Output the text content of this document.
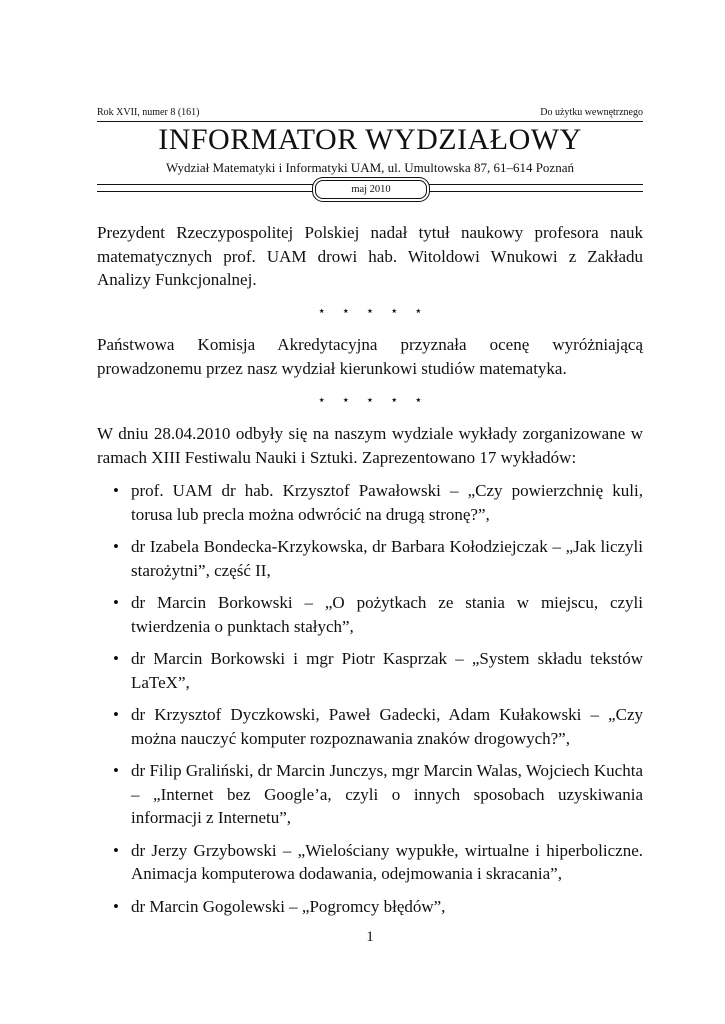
Rok XVII, numer 8 (161)	Do użytku wewnętrznego
INFORMATOR WYDZIAŁOWY
Wydział Matematyki i Informatyki UAM, ul. Umultowska 87, 61–614 Poznań
maj 2010
Prezydent Rzeczypospolitej Polskiej nadał tytuł naukowy profesora nauk matematycznych prof. UAM drowi hab. Witoldowi Wnukowi z Zakładu Analizy Funkcjonalnej.
⋆ ⋆ ⋆ ⋆ ⋆
Państwowa Komisja Akredytacyjna przyznała ocenę wyróżniającą prowadzonemu przez nasz wydział kierunkowi studiów matematyka.
⋆ ⋆ ⋆ ⋆ ⋆
W dniu 28.04.2010 odbyły się na naszym wydziale wykłady zorganizowane w ramach XIII Festiwalu Nauki i Sztuki. Zaprezentowano 17 wykładów:
• prof. UAM dr hab. Krzysztof Pawałowski – „Czy powierzchnię kuli, torusa lub precla można odwrócić na drugą stronę?”,
• dr Izabela Bondecka-Krzykowska, dr Barbara Kołodziejczak – „Jak liczyli starożytni”, część II,
• dr Marcin Borkowski – „O pożytkach ze stania w miejscu, czyli twierdzenia o punktach stałych”,
• dr Marcin Borkowski i mgr Piotr Kasprzak – „System składu tekstów LaTeX”,
• dr Krzysztof Dyczkowski, Paweł Gadecki, Adam Kułakowski – „Czy można nauczyć komputer rozpoznawania znaków drogowych?”,
• dr Filip Graliński, dr Marcin Junczys, mgr Marcin Walas, Wojciech Kuchta – „Internet bez Google’a, czyli o innych sposobach uzyskiwania informacji z Internetu”,
• dr Jerzy Grzybowski – „Wielościany wypukłe, wirtualne i hiperboliczne. Animacja komputerowa dodawania, odejmowania i skracania”,
• dr Marcin Gogolewski – „Pogromcy błędów”,
1
